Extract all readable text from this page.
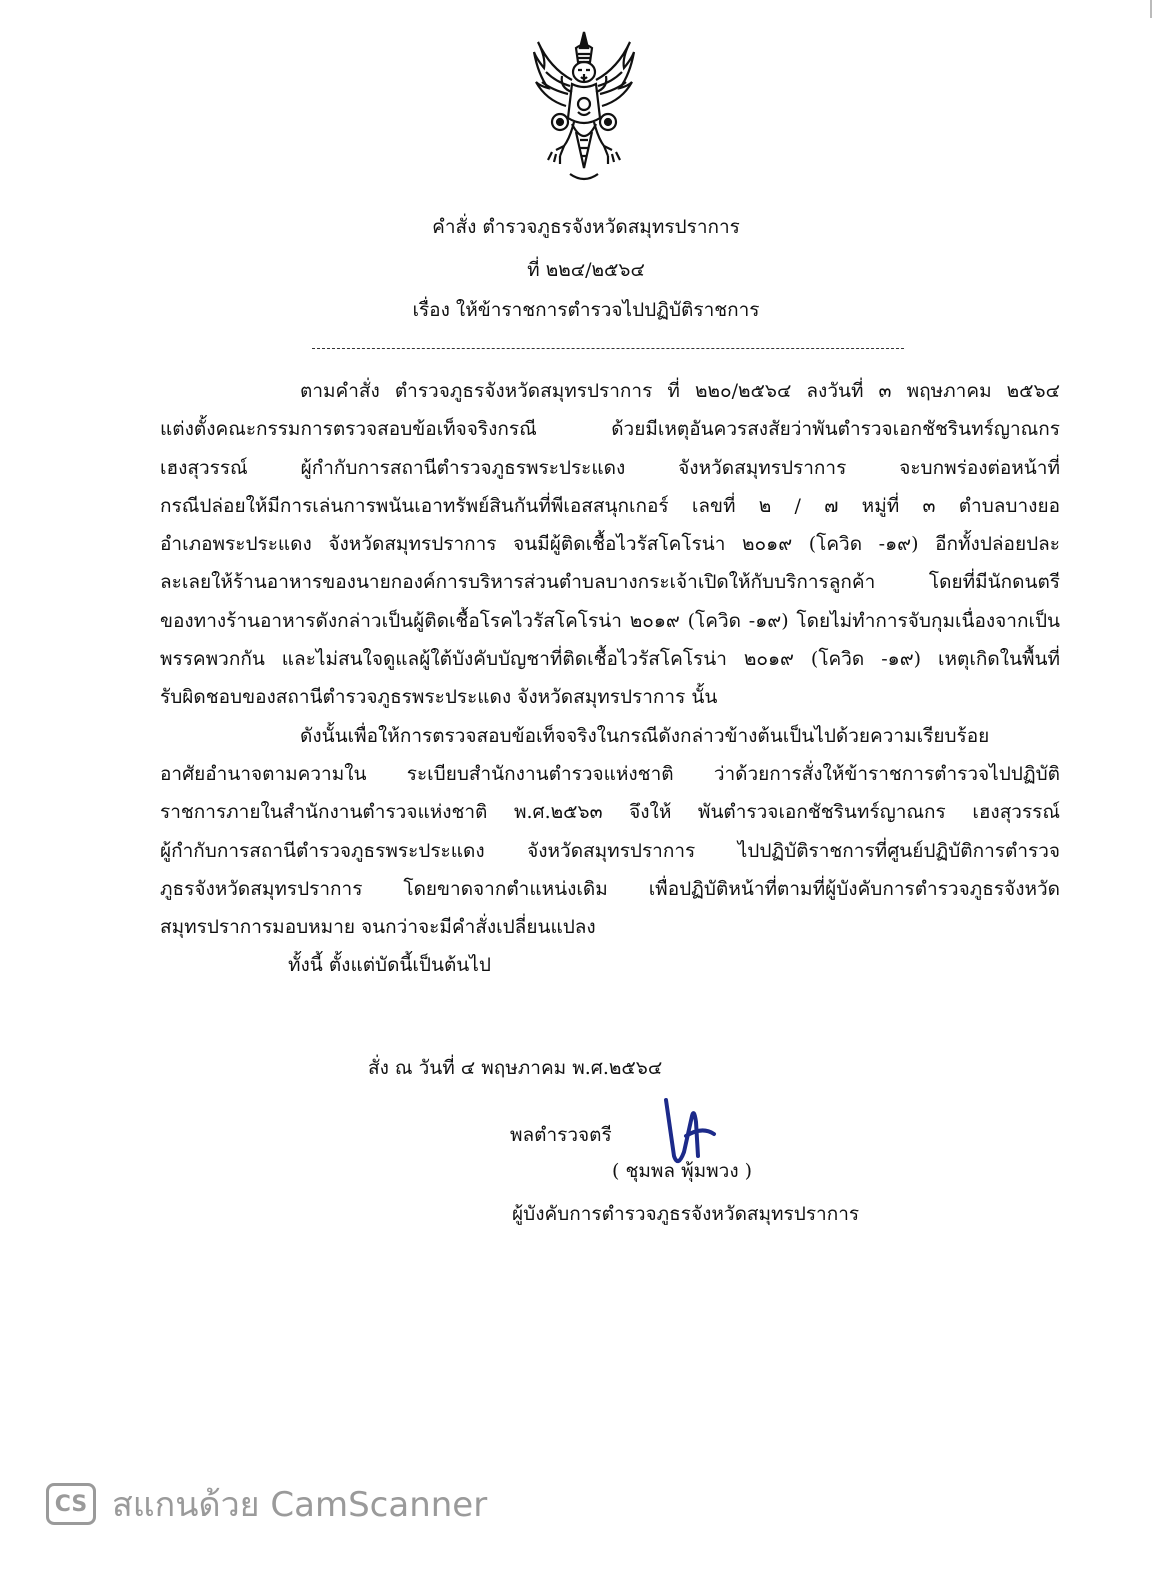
คำสั่ง ตำรวจภูธรจังหวัดสมุทรปราการ
ที่ ๒๒๔/๒๕๖๔
เรื่อง ให้ข้าราชการตำรวจไปปฏิบัติราชการ
ตามคำสั่ง ตำรวจภูธรจังหวัดสมุทรปราการ ที่ ๒๒๐/๒๕๖๔ ลงวันที่ ๓ พฤษภาคม ๒๕๖๔
แต่งตั้งคณะกรรมการตรวจสอบข้อเท็จจริงกรณี ด้วยมีเหตุอันควรสงสัยว่าพันตำรวจเอกชัชรินทร์ญาณกร
เฮงสุวรรณ์ ผู้กำกับการสถานีตำรวจภูธรพระประแดง จังหวัดสมุทรปราการ จะบกพร่องต่อหน้าที่
กรณีปล่อยให้มีการเล่นการพนันเอาทรัพย์สินกันที่พีเอสสนุกเกอร์ เลขที่ ๒ / ๗ หมู่ที่ ๓ ตำบลบางยอ
อำเภอพระประแดง จังหวัดสมุทรปราการ จนมีผู้ติดเชื้อไวรัสโคโรน่า ๒๐๑๙ (โควิด -๑๙) อีกทั้งปล่อยปละ
ละเลยให้ร้านอาหารของนายกองค์การบริหารส่วนตำบลบางกระเจ้าเปิดให้กับบริการลูกค้า โดยที่มีนักดนตรี
ของทางร้านอาหารดังกล่าวเป็นผู้ติดเชื้อโรคไวรัสโคโรน่า ๒๐๑๙ (โควิด -๑๙) โดยไม่ทำการจับกุมเนื่องจากเป็น
พรรคพวกกัน และไม่สนใจดูแลผู้ใต้บังคับบัญชาที่ติดเชื้อไวรัสโคโรน่า ๒๐๑๙ (โควิด -๑๙) เหตุเกิดในพื้นที่
รับผิดชอบของสถานีตำรวจภูธรพระประแดง จังหวัดสมุทรปราการ นั้น
ดังนั้นเพื่อให้การตรวจสอบข้อเท็จจริงในกรณีดังกล่าวข้างต้นเป็นไปด้วยความเรียบร้อย
อาศัยอำนาจตามความใน ระเบียบสำนักงานตำรวจแห่งชาติ ว่าด้วยการสั่งให้ข้าราชการตำรวจไปปฏิบัติ
ราชการภายในสำนักงานตำรวจแห่งชาติ พ.ศ.๒๕๖๓ จึงให้ พันตำรวจเอกชัชรินทร์ญาณกร เฮงสุวรรณ์
ผู้กำกับการสถานีตำรวจภูธรพระประแดง จังหวัดสมุทรปราการ ไปปฏิบัติราชการที่ศูนย์ปฏิบัติการตำรวจ
ภูธรจังหวัดสมุทรปราการ โดยขาดจากตำแหน่งเดิม เพื่อปฏิบัติหน้าที่ตามที่ผู้บังคับการตำรวจภูธรจังหวัด
สมุทรปราการมอบหมาย จนกว่าจะมีคำสั่งเปลี่ยนแปลง
ทั้งนี้ ตั้งแต่บัดนี้เป็นต้นไป
สั่ง ณ วันที่ ๔ พฤษภาคม พ.ศ.๒๕๖๔
พลตำรวจตรี
( ชุมพล พุ้มพวง )
ผู้บังคับการตำรวจภูธรจังหวัดสมุทรปราการ
CS สแกนด้วย CamScanner
